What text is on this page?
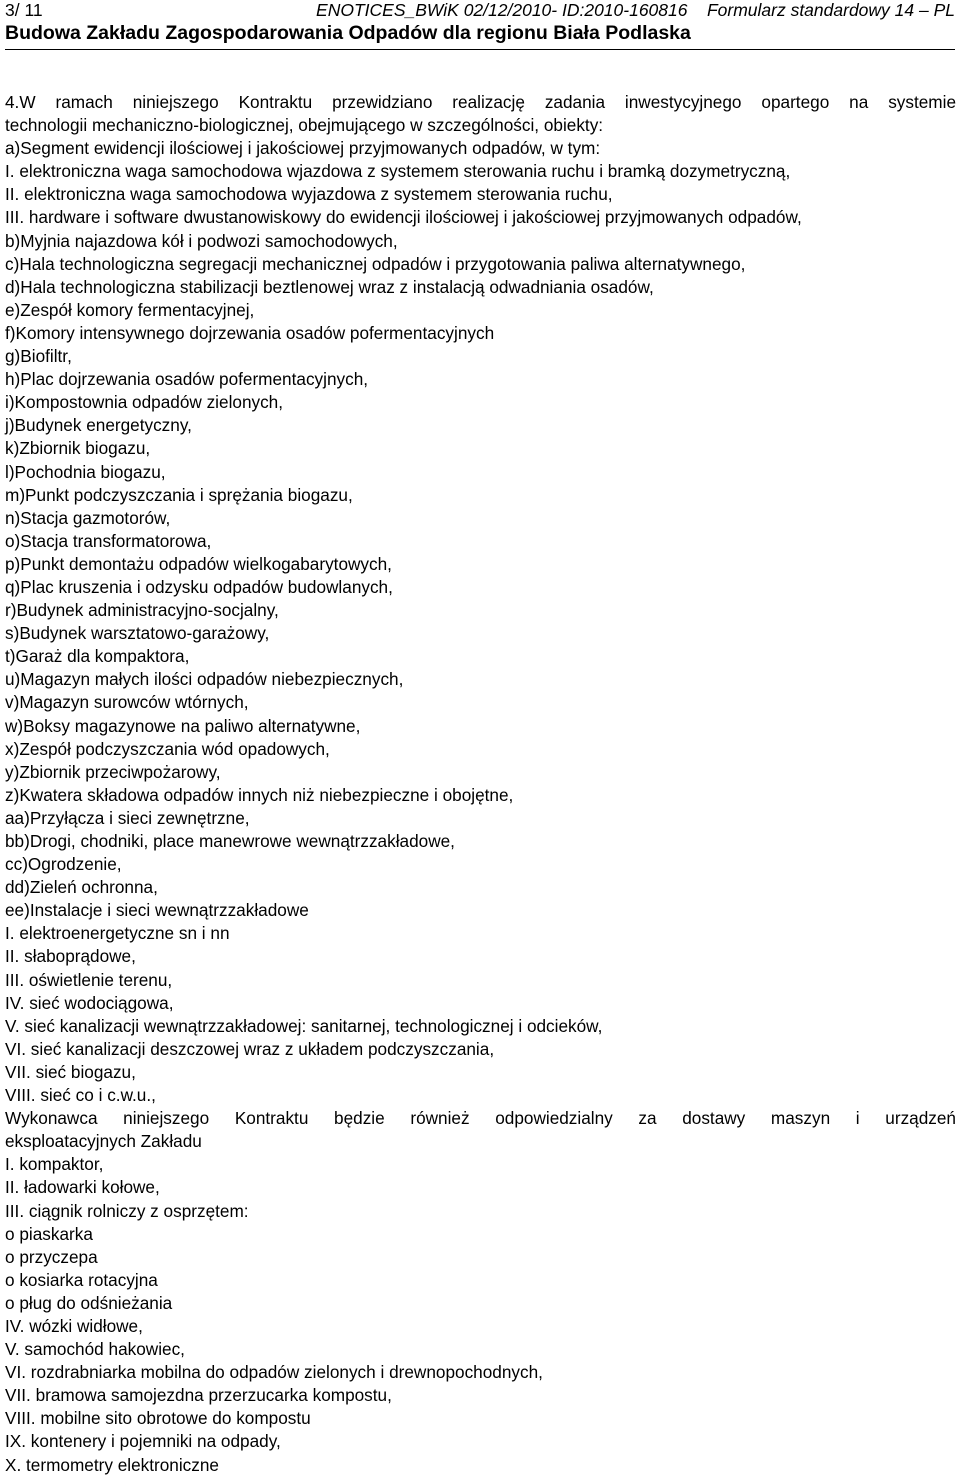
3/ 11	ENOTICES_BWiK 02/12/2010- ID:2010-160816 Formularz standardowy 14 – PL
Budowa Zakładu Zagospodarowania Odpadów dla regionu Biała Podlaska
4.W ramach niniejszego Kontraktu przewidziano realizację zadania inwestycyjnego opartego na systemie
technologii mechaniczno-biologicznej, obejmującego w szczególności, obiekty:
a)Segment ewidencji ilościowej i jakościowej przyjmowanych odpadów, w tym:
I. elektroniczna waga samochodowa wjazdowa z systemem sterowania ruchu i bramką dozymetryczną,
II. elektroniczna waga samochodowa wyjazdowa z systemem sterowania ruchu,
III. hardware i software dwustanowiskowy do ewidencji ilościowej i jakościowej przyjmowanych odpadów,
b)Myjnia najazdowa kół i podwozi samochodowych,
c)Hala technologiczna segregacji mechanicznej odpadów i przygotowania paliwa alternatywnego,
d)Hala technologiczna stabilizacji beztlenowej wraz z instalacją odwadniania osadów,
e)Zespół komory fermentacyjnej,
f)Komory intensywnego dojrzewania osadów pofermentacyjnych
g)Biofiltr,
h)Plac dojrzewania osadów pofermentacyjnych,
i)Kompostownia odpadów zielonych,
j)Budynek energetyczny,
k)Zbiornik biogazu,
l)Pochodnia biogazu,
m)Punkt podczyszczania i sprężania biogazu,
n)Stacja gazmotorów,
o)Stacja transformatorowa,
p)Punkt demontażu odpadów wielkogabarytowych,
q)Plac kruszenia i odzysku odpadów budowlanych,
r)Budynek administracyjno-socjalny,
s)Budynek warsztatowo-garażowy,
t)Garaż dla kompaktora,
u)Magazyn małych ilości odpadów niebezpiecznych,
v)Magazyn surowców wtórnych,
w)Boksy magazynowe na paliwo alternatywne,
x)Zespół podczyszczania wód opadowych,
y)Zbiornik przeciwpożarowy,
z)Kwatera składowa odpadów innych niż niebezpieczne i obojętne,
aa)Przyłącza i sieci zewnętrzne,
bb)Drogi, chodniki, place manewrowe wewnątrzzakładowe,
cc)Ogrodzenie,
dd)Zieleń ochronna,
ee)Instalacje i sieci wewnątrzzakładowe
I. elektroenergetyczne sn i nn
II. słaboprądowe,
III. oświetlenie terenu,
IV. sieć wodociągowa,
V. sieć kanalizacji wewnątrzzakładowej: sanitarnej, technologicznej i odcieków,
VI. sieć kanalizacji deszczowej wraz z układem podczyszczania,
VII. sieć biogazu,
VIII. sieć co i c.w.u.,
Wykonawca niniejszego Kontraktu będzie również odpowiedzialny za dostawy maszyn i urządzeń
eksploatacyjnych Zakładu
I. kompaktor,
II. ładowarki kołowe,
III. ciągnik rolniczy z osprzętem:
o piaskarka
o przyczepa
o kosiarka rotacyjna
o pług do odśnieżania
IV. wózki widłowe,
V. samochód hakowiec,
VI. rozdrabniarka mobilna do odpadów zielonych i drewnopochodnych,
VII. bramowa samojezdna przerzucarka kompostu,
VIII. mobilne sito obrotowe do kompostu
IX. kontenery i pojemniki na odpady,
X. termometry elektroniczne
